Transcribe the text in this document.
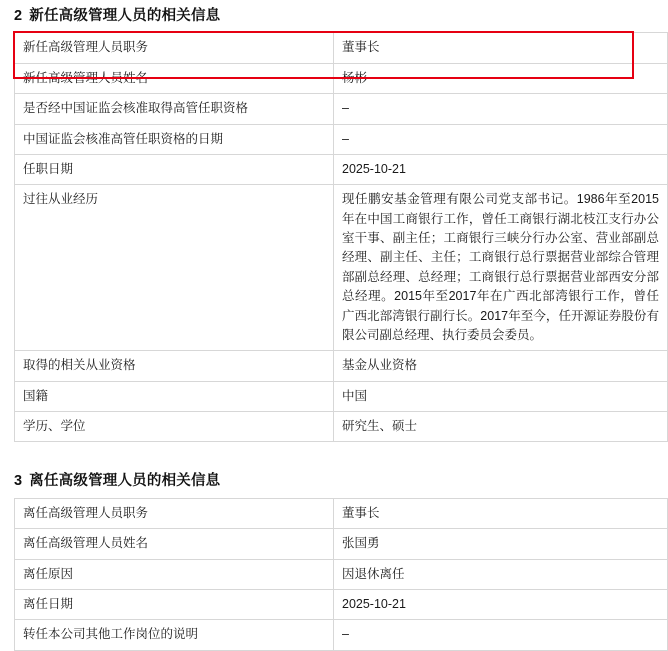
2 新任高级管理人员的相关信息
新任高级管理人员职务	董事长
新任高级管理人员姓名	杨彬
是否经中国证监会核准取得高管任职资格	–
中国证监会核准高管任职资格的日期	–
任职日期	2025-10-21
过往从业经历	现任鹏安基金管理有限公司党支部书记。1986年至2015年在中国工商银行工作，曾任工商银行湖北枝江支行办公室干事、副主任；工商银行三峡分行办公室、营业部副总经理、副主任、主任；工商银行总行票据营业部综合管理部副总经理、总经理；工商银行总行票据营业部西安分部总经理。2015年至2017年在广西北部湾银行工作，曾任广西北部湾银行副行长。2017年至今，任开源证券股份有限公司副总经理、执行委员会委员。
取得的相关从业资格	基金从业资格
国籍	中国
学历、学位	研究生、硕士
3 离任高级管理人员的相关信息
离任高级管理人员职务	董事长
离任高级管理人员姓名	张国勇
离任原因	因退休离任
离任日期	2025-10-21
转任本公司其他工作岗位的说明	–
